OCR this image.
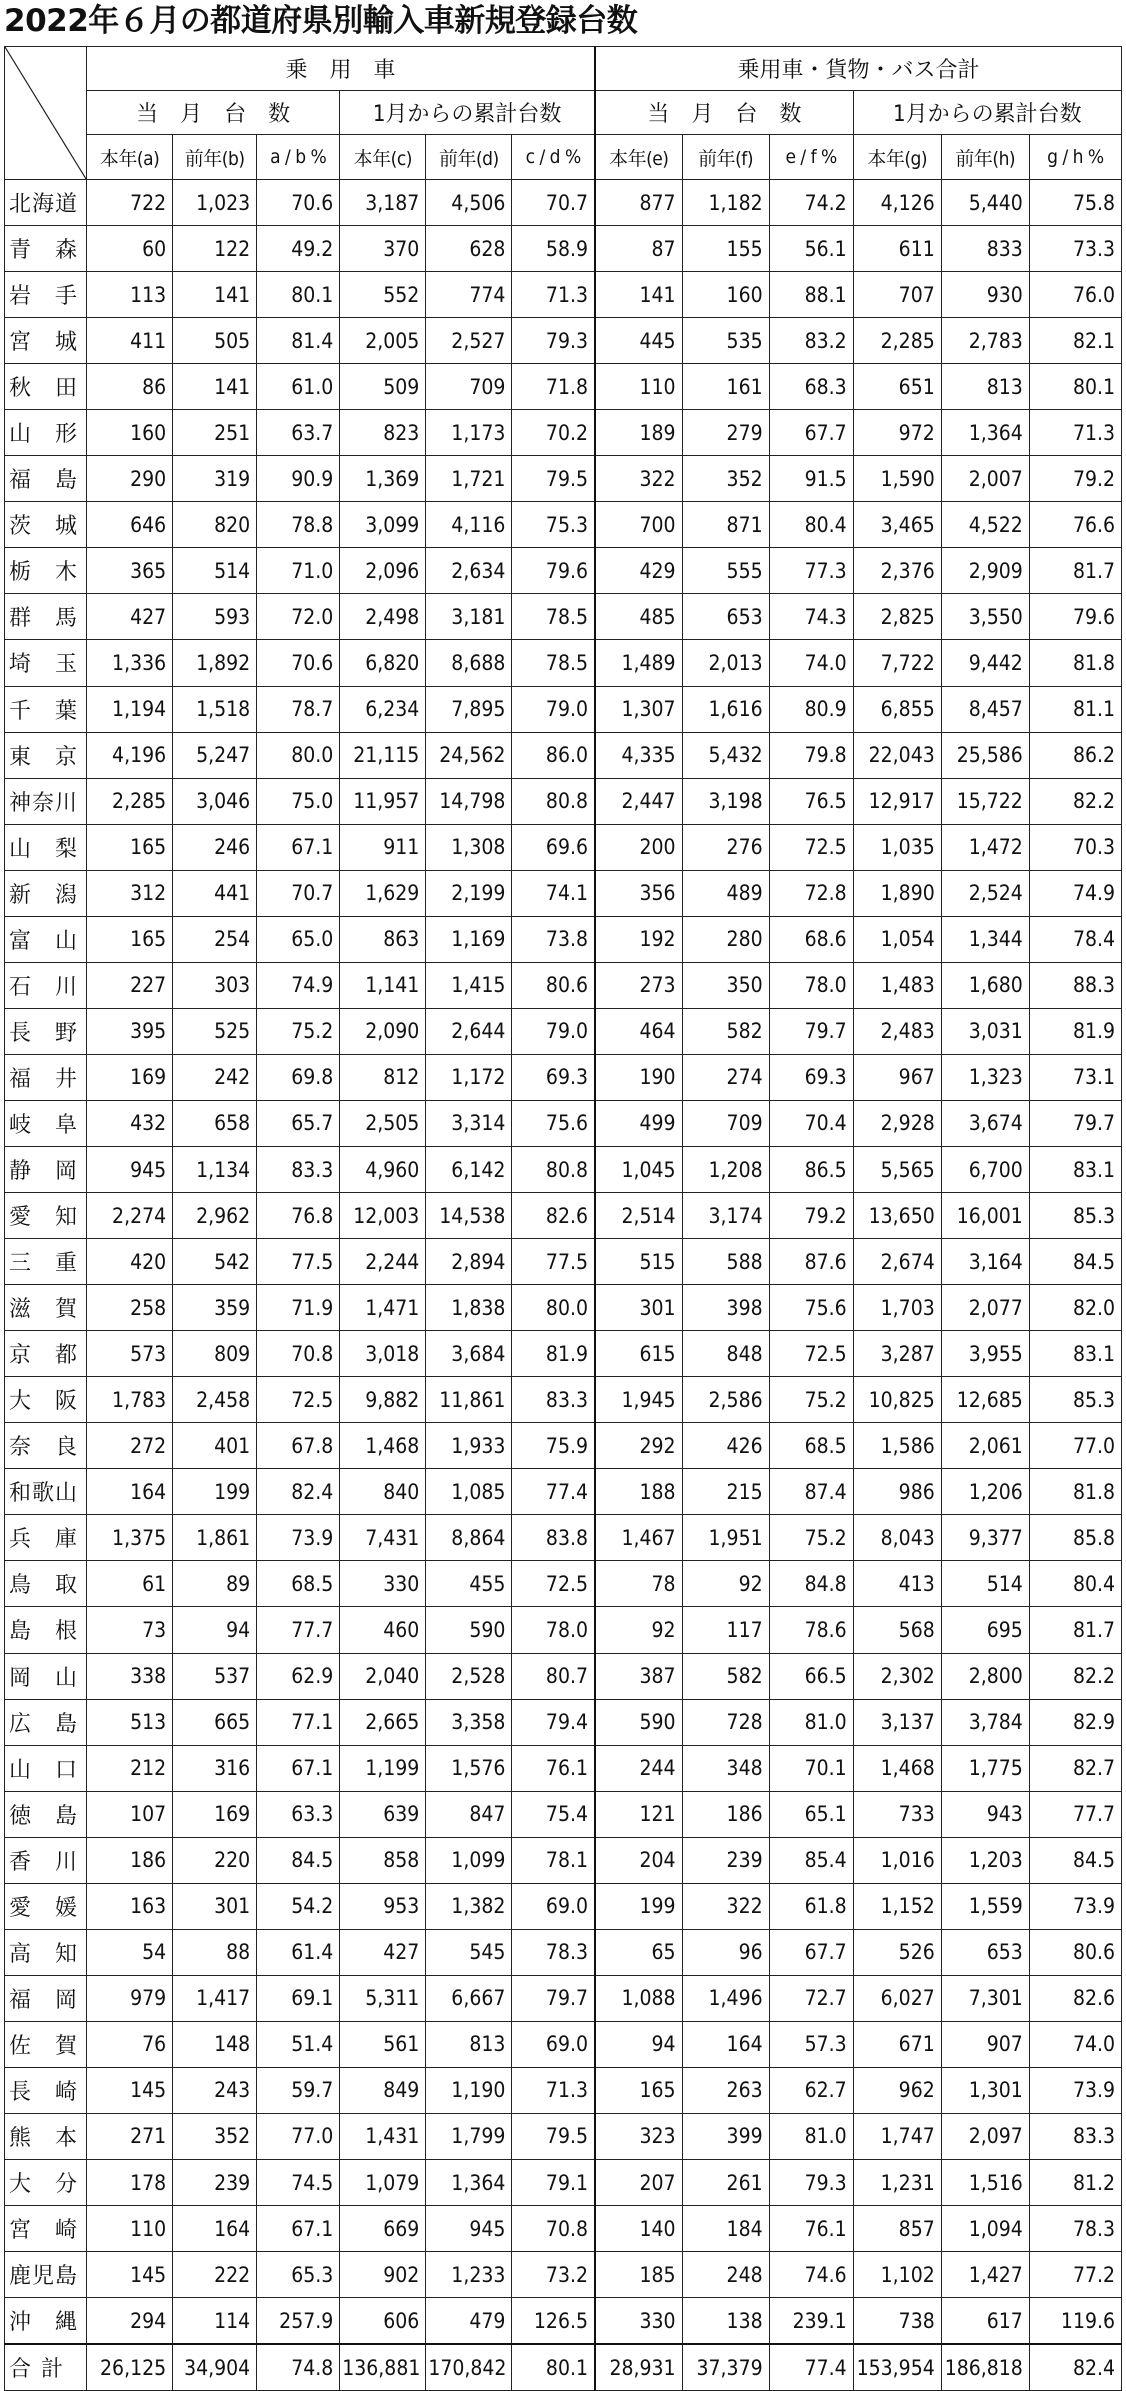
2022年６月の都道府県別輸入車新規登録台数
	乗　用　車						乗用車・貨物・バス合計					
	当　月　台　数			1月からの累計台数			当　月　台　数			1月からの累計台数		
	本年(a)	前年(b)	a / b %	本年(c)	前年(d)	c / d %	本年(e)	前年(f)	e / f %	本年(g)	前年(h)	g / h %
北海道	722	1,023	70.6	3,187	4,506	70.7	877	1,182	74.2	4,126	5,440	75.8
青　森	60	122	49.2	370	628	58.9	87	155	56.1	611	833	73.3
岩　手	113	141	80.1	552	774	71.3	141	160	88.1	707	930	76.0
宮　城	411	505	81.4	2,005	2,527	79.3	445	535	83.2	2,285	2,783	82.1
秋　田	86	141	61.0	509	709	71.8	110	161	68.3	651	813	80.1
山　形	160	251	63.7	823	1,173	70.2	189	279	67.7	972	1,364	71.3
福　島	290	319	90.9	1,369	1,721	79.5	322	352	91.5	1,590	2,007	79.2
茨　城	646	820	78.8	3,099	4,116	75.3	700	871	80.4	3,465	4,522	76.6
栃　木	365	514	71.0	2,096	2,634	79.6	429	555	77.3	2,376	2,909	81.7
群　馬	427	593	72.0	2,498	3,181	78.5	485	653	74.3	2,825	3,550	79.6
埼　玉	1,336	1,892	70.6	6,820	8,688	78.5	1,489	2,013	74.0	7,722	9,442	81.8
千　葉	1,194	1,518	78.7	6,234	7,895	79.0	1,307	1,616	80.9	6,855	8,457	81.1
東　京	4,196	5,247	80.0	21,115	24,562	86.0	4,335	5,432	79.8	22,043	25,586	86.2
神奈川	2,285	3,046	75.0	11,957	14,798	80.8	2,447	3,198	76.5	12,917	15,722	82.2
山　梨	165	246	67.1	911	1,308	69.6	200	276	72.5	1,035	1,472	70.3
新　潟	312	441	70.7	1,629	2,199	74.1	356	489	72.8	1,890	2,524	74.9
富　山	165	254	65.0	863	1,169	73.8	192	280	68.6	1,054	1,344	78.4
石　川	227	303	74.9	1,141	1,415	80.6	273	350	78.0	1,483	1,680	88.3
長　野	395	525	75.2	2,090	2,644	79.0	464	582	79.7	2,483	3,031	81.9
福　井	169	242	69.8	812	1,172	69.3	190	274	69.3	967	1,323	73.1
岐　阜	432	658	65.7	2,505	3,314	75.6	499	709	70.4	2,928	3,674	79.7
静　岡	945	1,134	83.3	4,960	6,142	80.8	1,045	1,208	86.5	5,565	6,700	83.1
愛　知	2,274	2,962	76.8	12,003	14,538	82.6	2,514	3,174	79.2	13,650	16,001	85.3
三　重	420	542	77.5	2,244	2,894	77.5	515	588	87.6	2,674	3,164	84.5
滋　賀	258	359	71.9	1,471	1,838	80.0	301	398	75.6	1,703	2,077	82.0
京　都	573	809	70.8	3,018	3,684	81.9	615	848	72.5	3,287	3,955	83.1
大　阪	1,783	2,458	72.5	9,882	11,861	83.3	1,945	2,586	75.2	10,825	12,685	85.3
奈　良	272	401	67.8	1,468	1,933	75.9	292	426	68.5	1,586	2,061	77.0
和歌山	164	199	82.4	840	1,085	77.4	188	215	87.4	986	1,206	81.8
兵　庫	1,375	1,861	73.9	7,431	8,864	83.8	1,467	1,951	75.2	8,043	9,377	85.8
鳥　取	61	89	68.5	330	455	72.5	78	92	84.8	413	514	80.4
島　根	73	94	77.7	460	590	78.0	92	117	78.6	568	695	81.7
岡　山	338	537	62.9	2,040	2,528	80.7	387	582	66.5	2,302	2,800	82.2
広　島	513	665	77.1	2,665	3,358	79.4	590	728	81.0	3,137	3,784	82.9
山　口	212	316	67.1	1,199	1,576	76.1	244	348	70.1	1,468	1,775	82.7
徳　島	107	169	63.3	639	847	75.4	121	186	65.1	733	943	77.7
香　川	186	220	84.5	858	1,099	78.1	204	239	85.4	1,016	1,203	84.5
愛　媛	163	301	54.2	953	1,382	69.0	199	322	61.8	1,152	1,559	73.9
高　知	54	88	61.4	427	545	78.3	65	96	67.7	526	653	80.6
福　岡	979	1,417	69.1	5,311	6,667	79.7	1,088	1,496	72.7	6,027	7,301	82.6
佐　賀	76	148	51.4	561	813	69.0	94	164	57.3	671	907	74.0
長　崎	145	243	59.7	849	1,190	71.3	165	263	62.7	962	1,301	73.9
熊　本	271	352	77.0	1,431	1,799	79.5	323	399	81.0	1,747	2,097	83.3
大　分	178	239	74.5	1,079	1,364	79.1	207	261	79.3	1,231	1,516	81.2
宮　崎	110	164	67.1	669	945	70.8	140	184	76.1	857	1,094	78.3
鹿児島	145	222	65.3	902	1,233	73.2	185	248	74.6	1,102	1,427	77.2
沖　縄	294	114	257.9	606	479	126.5	330	138	239.1	738	617	119.6
合計	26,125	34,904	74.8	136,881	170,842	80.1	28,931	37,379	77.4	153,954	186,818	82.4
